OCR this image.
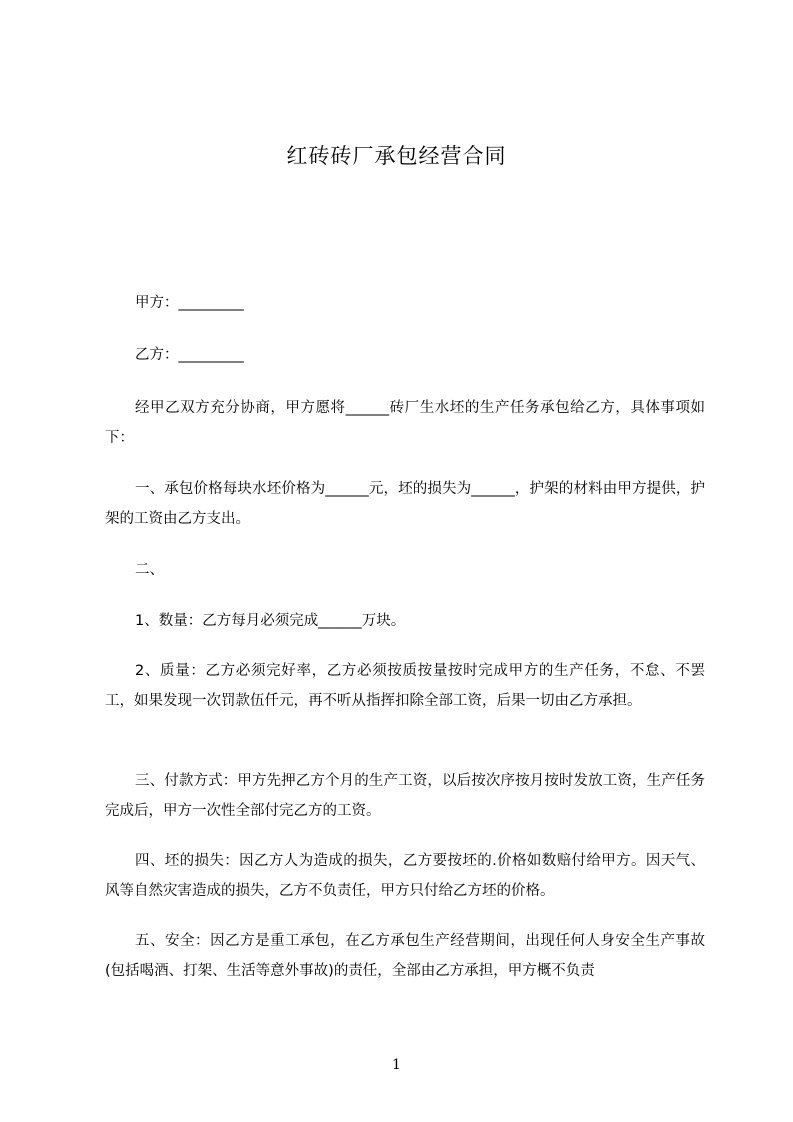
红砖砖厂承包经营合同
甲方：_________
乙方：_________
经甲乙双方充分协商，甲方愿将______砖厂生水坯的生产任务承包给乙方，具体事项如下：
一、承包价格每块水坯价格为______元，坯的损失为______，护架的材料由甲方提供，护架的工资由乙方支出。
二、
1、数量：乙方每月必须完成______万块。
2、质量：乙方必须完好率，乙方必须按质按量按时完成甲方的生产任务，不怠、不罢工，如果发现一次罚款伍仟元，再不听从指挥扣除全部工资，后果一切由乙方承担。
三、付款方式：甲方先押乙方个月的生产工资，以后按次序按月按时发放工资，生产任务完成后，甲方一次性全部付完乙方的工资。
四、坯的损失：因乙方人为造成的损失，乙方要按坯的.价格如数赔付给甲方。因天气、风等自然灾害造成的损失，乙方不负责任，甲方只付给乙方坯的价格。
五、安全：因乙方是重工承包，在乙方承包生产经营期间，出现任何人身安全生产事故(包括喝酒、打架、生活等意外事故)的责任，全部由乙方承担，甲方概不负责
1
